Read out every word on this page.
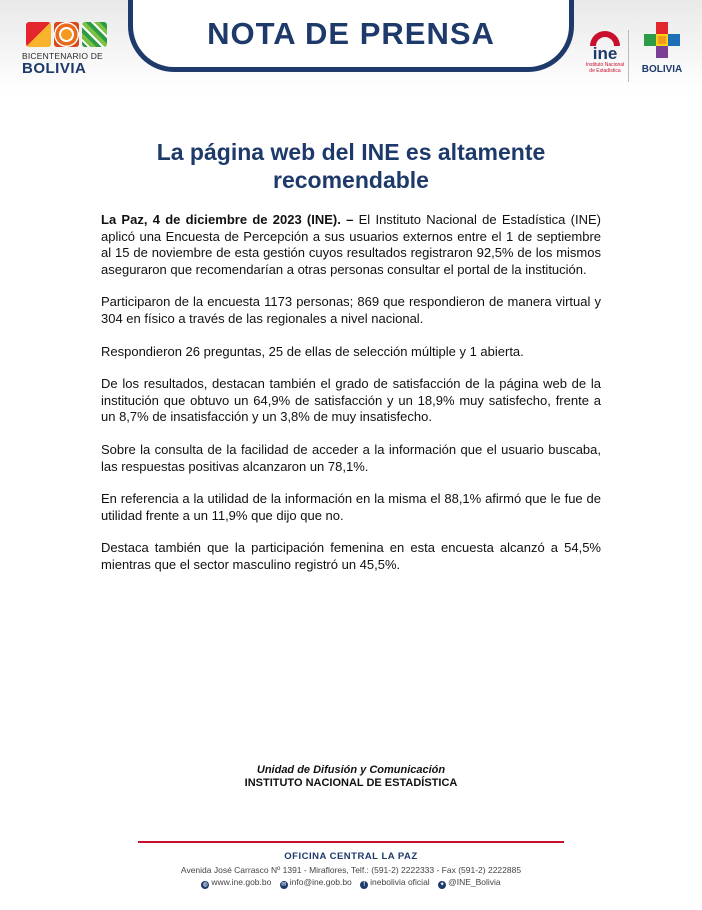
BICENTENARIO DE
BOLIVIA
NOTA DE PRENSA
ine
Instituto Nacional de Estadística	BOLIVIA
La página web del INE es altamente recomendable

La Paz, 4 de diciembre de 2023 (INE). – El Instituto Nacional de Estadística (INE) aplicó una Encuesta de Percepción a sus usuarios externos entre el 1 de septiembre al 15 de noviembre de esta gestión cuyos resultados registraron 92,5% de los mismos aseguraron que recomendarían a otras personas consultar el portal de la institución.

Participaron de la encuesta 1173 personas; 869 que respondieron de manera virtual y 304 en físico a través de las regionales a nivel nacional.

Respondieron 26 preguntas, 25 de ellas de selección múltiple y 1 abierta.

De los resultados, destacan también el grado de satisfacción de la página web de la institución que obtuvo un 64,9% de satisfacción y un 18,9% muy satisfecho, frente a un 8,7% de insatisfacción y un 3,8% de muy insatisfecho.

Sobre la consulta de la facilidad de acceder a la información que el usuario buscaba, las respuestas positivas alcanzaron un 78,1%.

En referencia a la utilidad de la información en la misma el 88,1% afirmó que le fue de utilidad frente a un 11,9% que dijo que no.

Destaca también que la participación femenina en esta encuesta alcanzó a 54,5% mientras que el sector masculino registró un 45,5%.

Unidad de Difusión y Comunicación
INSTITUTO NACIONAL DE ESTADÍSTICA
OFICINA CENTRAL LA PAZ
Avenida José Carrasco Nº 1391 - Miraflores, Telf.: (591-2) 2222333 - Fax (591-2) 2222885
◍ www.ine.gob.bo ✉ info@ine.gob.bo f inebolivia oficial ✦ @INE_Bolivia
